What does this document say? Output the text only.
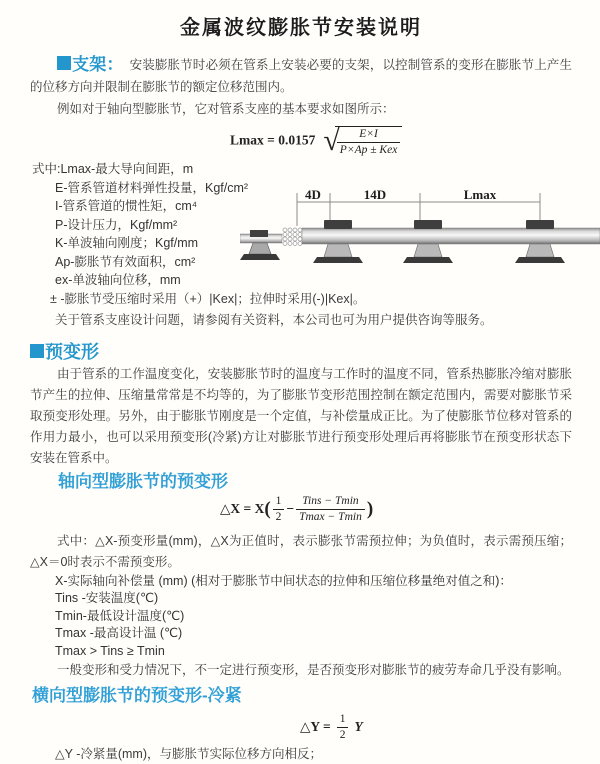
金属波纹膨胀节安装说明

支架： 安装膨胀节时必须在管系上安装必要的支架，以控制管系的变形在膨胀节上产生的位移方向并限制在膨胀节的额定位移范围内。

例如对于轴向型膨胀节，它对管系支座的基本要求如图所示：

Lmax = 0.0157 √
$\frac{E\times I}{\text{P×Ap ± Kex}}$
式中:Lmax-最大导向间距，m
E-管系管道材料弹性投量，Kgf/cm²
I-管系管道的惯性矩，cm⁴
P-设计压力，Kgf/mm²
K-单波轴向刚度；Kgf/mm
Ap-膨胀节有效面积，cm²
ex-单波轴向位移，mm
4D	14D	Lmax

± -膨胀节受压缩时采用（+）|Kex|；拉伸时采用(-)|Kex|。

关于管系支座设计问题，请参阅有关资料，本公司也可为用户提供咨询等服务。

预变形

由于管系的工作温度变化，安装膨胀节时的温度与工作时的温度不同，管系热膨胀冷缩对膨胀节产生的拉伸、压缩量常常是不均等的，为了膨胀节变形范围控制在额定范围内，需要对膨胀节采取预变形处理。另外，由于膨胀节刚度是一个定值，与补偿量成正比。为了使膨胀节位移对管系的作用力最小，也可以采用预变形(冷紧)方让对膨胀节进行预变形处理后再将膨胀节在预变形状态下安装在管系中。

轴向型膨胀节的预变形
△X = $X( \frac{1}{2} - \frac{\text{Tins − Tmin}}{Tmax - Tmin}$ )

式中：△X-预变形量(mm)，△X为正值时，表示膨张节需预拉伸；为负值时，表示需预压缩；△X＝0时表示不需预变形。

X-实际轴向补偿量 (mm) (相对于膨胀节中间状态的拉伸和压缩位移量绝对值之和)：
Tins -安装温度(℃)
Tmin-最低设计温度(℃)
Tmax -最高设计温 (℃)
Tmax > Tins ≥ Tmin

一般变形和受力情况下，不一定进行预变形，是否预变形对膨胀节的疲劳寿命几乎没有影响。

横向型膨胀节的预变形-冷紧
△Y = $\frac{1}{2}$ Y

△Y -冷紧量(mm)，与膨胀节实际位移方向相反；
